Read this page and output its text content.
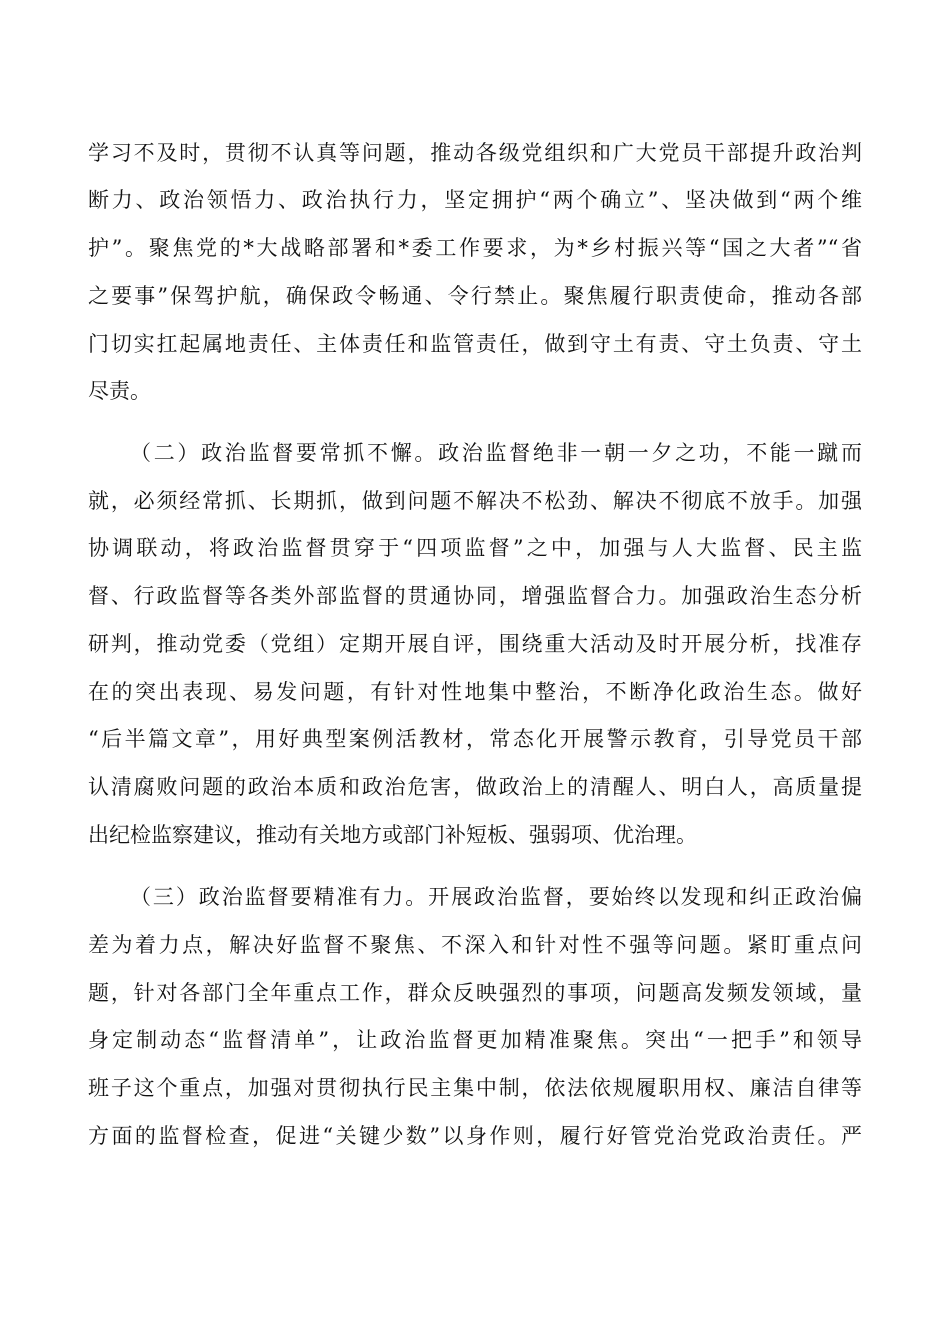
学习不及时，贯彻不认真等问题，推动各级党组织和广大党员干部提升政治判
断力、政治领悟力、政治执行力，坚定拥护“两个确立”、坚决做到“两个维
护”。聚焦党的*大战略部署和*委工作要求，为*乡村振兴等“国之大者”“省
之要事”保驾护航，确保政令畅通、令行禁止。聚焦履行职责使命，推动各部
门切实扛起属地责任、主体责任和监管责任，做到守土有责、守土负责、守土
尽责。
（二）政治监督要常抓不懈。政治监督绝非一朝一夕之功，不能一蹴而
就，必须经常抓、长期抓，做到问题不解决不松劲、解决不彻底不放手。加强
协调联动，将政治监督贯穿于“四项监督”之中，加强与人大监督、民主监
督、行政监督等各类外部监督的贯通协同，增强监督合力。加强政治生态分析
研判，推动党委（党组）定期开展自评，围绕重大活动及时开展分析，找准存
在的突出表现、易发问题，有针对性地集中整治，不断净化政治生态。做好
“后半篇文章”，用好典型案例活教材，常态化开展警示教育，引导党员干部
认清腐败问题的政治本质和政治危害，做政治上的清醒人、明白人，高质量提
出纪检监察建议，推动有关地方或部门补短板、强弱项、优治理。
（三）政治监督要精准有力。开展政治监督，要始终以发现和纠正政治偏
差为着力点，解决好监督不聚焦、不深入和针对性不强等问题。紧盯重点问
题，针对各部门全年重点工作，群众反映强烈的事项，问题高发频发领域，量
身定制动态“监督清单”，让政治监督更加精准聚焦。突出“一把手”和领导
班子这个重点，加强对贯彻执行民主集中制，依法依规履职用权、廉洁自律等
方面的监督检查，促进“关键少数”以身作则，履行好管党治党政治责任。严
